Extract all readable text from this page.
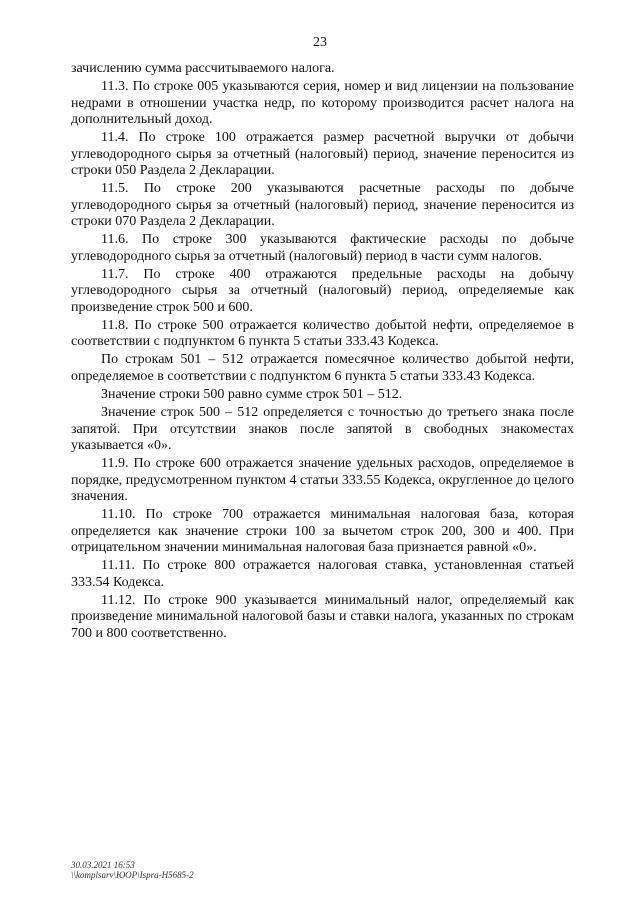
23

зачислению сумма рассчитываемого налога.

11.3. По строке 005 указываются серия, номер и вид лицензии на пользование недрами в отношении участка недр, по которому производится расчет налога на дополнительный доход.

11.4. По строке 100 отражается размер расчетной выручки от добычи углеводородного сырья за отчетный (налоговый) период, значение переносится из строки 050 Раздела 2 Декларации.

11.5. По строке 200 указываются расчетные расходы по добыче углеводородного сырья за отчетный (налоговый) период, значение переносится из строки 070 Раздела 2 Декларации.

11.6. По строке 300 указываются фактические расходы по добыче углеводородного сырья за отчетный (налоговый) период в части сумм налогов.

11.7. По строке 400 отражаются предельные расходы на добычу углеводородного сырья за отчетный (налоговый) период, определяемые как произведение строк 500 и 600.

11.8. По строке 500 отражается количество добытой нефти, определяемое в соответствии с подпунктом 6 пункта 5 статьи 333.43 Кодекса.

По строкам 501 – 512 отражается помесячное количество добытой нефти, определяемое в соответствии с подпунктом 6 пункта 5 статьи 333.43 Кодекса.

Значение строки 500 равно сумме строк 501 – 512.

Значение строк 500 – 512 определяется с точностью до третьего знака после запятой. При отсутствии знаков после запятой в свободных знакоместах указывается «0».

11.9. По строке 600 отражается значение удельных расходов, определяемое в порядке, предусмотренном пунктом 4 статьи 333.55 Кодекса, округленное до целого значения.

11.10. По строке 700 отражается минимальная налоговая база, которая определяется как значение строки 100 за вычетом строк 200, 300 и 400. При отрицательном значении минимальная налоговая база признается равной «0».

11.11. По строке 800 отражается налоговая ставка, установленная статьей 333.54 Кодекса.

11.12. По строке 900 указывается минимальный налог, определяемый как произведение минимальной налоговой базы и ставки налога, указанных по строкам 700 и 800 соответственно.

30.03.2021 16:53
\\komplsarv\ЮОР\Ispra-H5685-2
